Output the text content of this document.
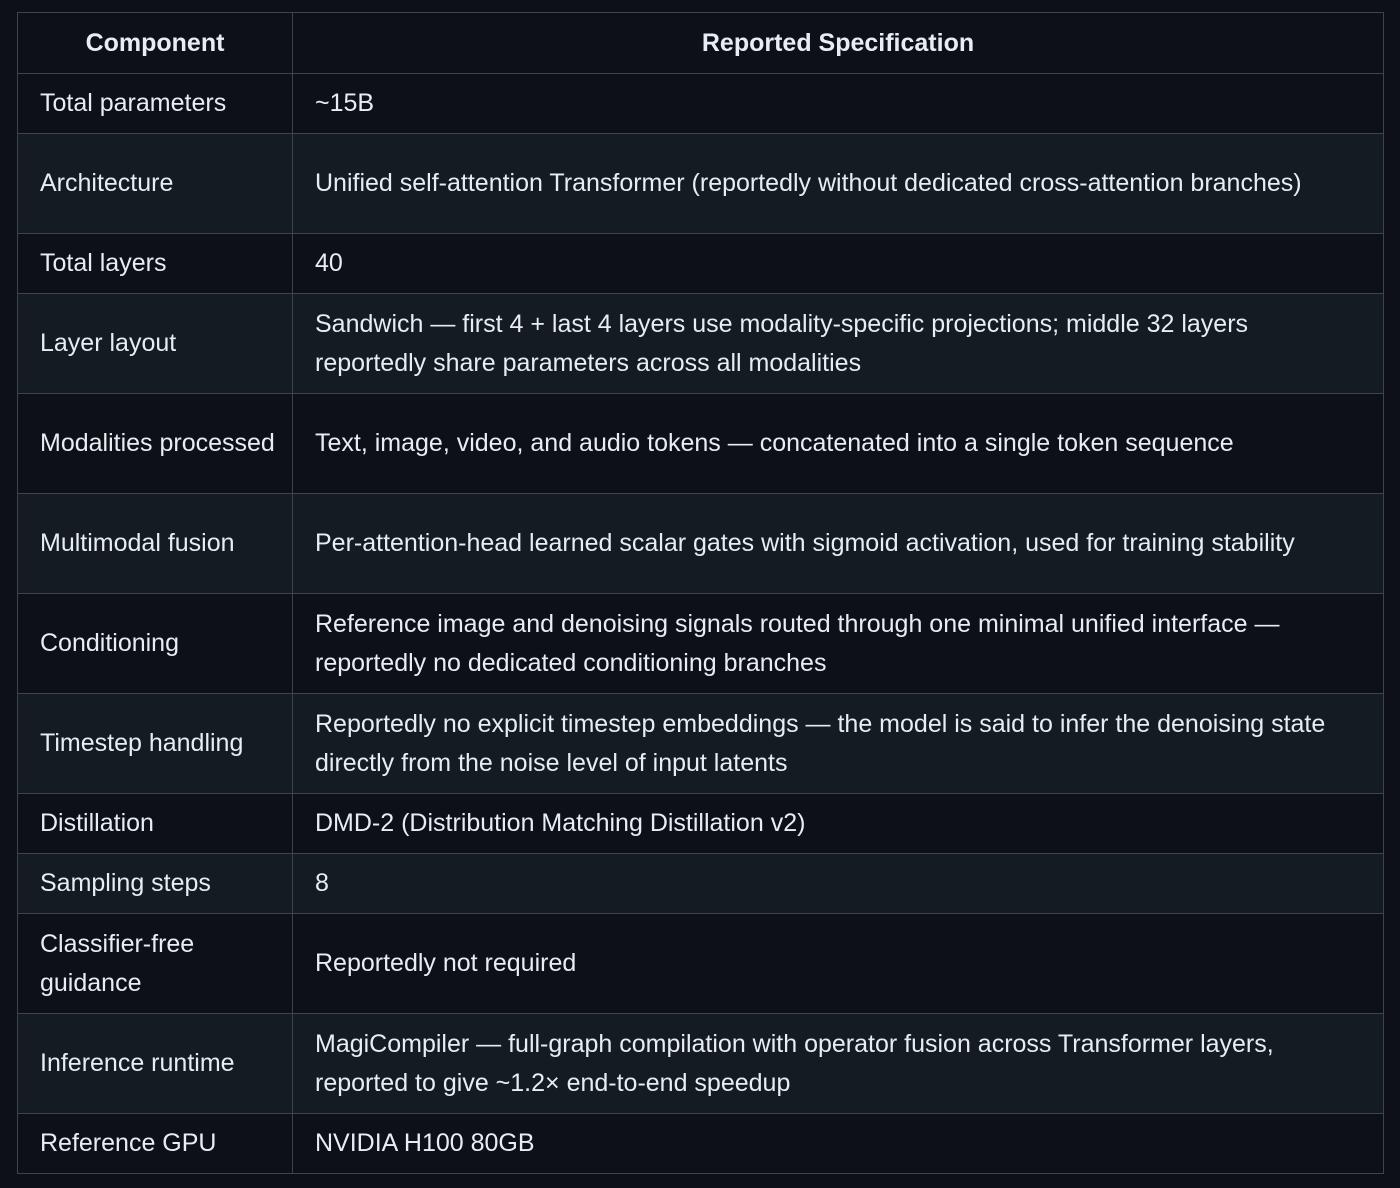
Component	Reported Specification
Total parameters	~15B
Architecture	Unified self-attention Transformer (reportedly without dedicated cross-attention branches)
Total layers	40
Layer layout	Sandwich — first 4 + last 4 layers use modality-specific projections; middle 32 layers reportedly share parameters across all modalities
Modalities processed	Text, image, video, and audio tokens — concatenated into a single token sequence
Multimodal fusion	Per-attention-head learned scalar gates with sigmoid activation, used for training stability
Conditioning	Reference image and denoising signals routed through one minimal unified interface — reportedly no dedicated conditioning branches
Timestep handling	Reportedly no explicit timestep embeddings — the model is said to infer the denoising state directly from the noise level of input latents
Distillation	DMD-2 (Distribution Matching Distillation v2)
Sampling steps	8
Classifier-free guidance	Reportedly not required
Inference runtime	MagiCompiler — full-graph compilation with operator fusion across Transformer layers, reported to give ~1.2× end-to-end speedup
Reference GPU	NVIDIA H100 80GB
